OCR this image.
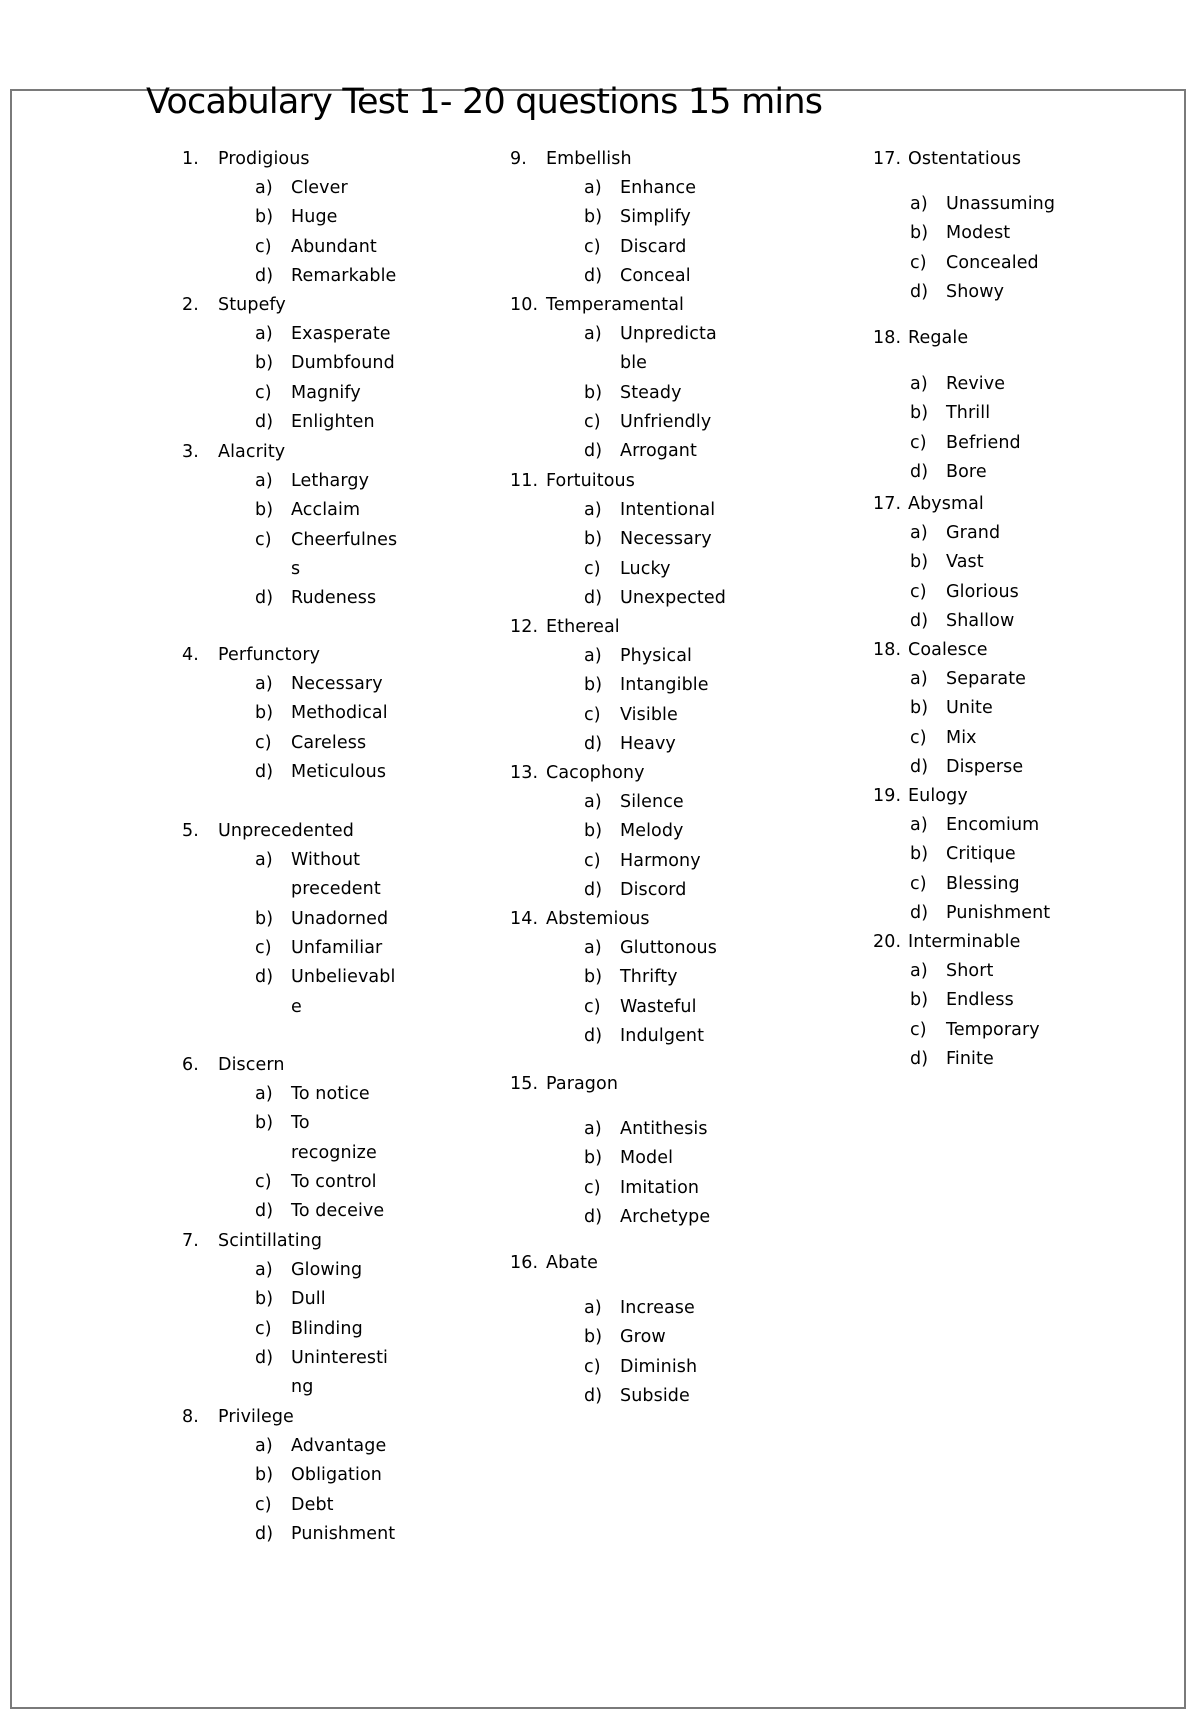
Vocabulary Test 1- 20 questions 15 mins
1. Prodigious
a) Clever
b) Huge
c) Abundant
d) Remarkable
2. Stupefy
a) Exasperate
b) Dumbfound
c) Magnify
d) Enlighten
3. Alacrity
a) Lethargy
b) Acclaim
c) Cheerfulnes
s
d) Rudeness
4. Perfunctory
a) Necessary
b) Methodical
c) Careless
d) Meticulous
5. Unprecedented
a) Without
precedent
b) Unadorned
c) Unfamiliar
d) Unbelievabl
e
6. Discern
a) To notice
b) To
recognize
c) To control
d) To deceive
7. Scintillating
a) Glowing
b) Dull
c) Blinding
d) Uninteresti
ng
8. Privilege
a) Advantage
b) Obligation
c) Debt
d) Punishment
9. Embellish
a) Enhance
b) Simplify
c) Discard
d) Conceal
10. Temperamental
a) Unpredicta
ble
b) Steady
c) Unfriendly
d) Arrogant
11. Fortuitous
a) Intentional
b) Necessary
c) Lucky
d) Unexpected
12. Ethereal
a) Physical
b) Intangible
c) Visible
d) Heavy
13. Cacophony
a) Silence
b) Melody
c) Harmony
d) Discord
14. Abstemious
a) Gluttonous
b) Thrifty
c) Wasteful
d) Indulgent
15. Paragon
a) Antithesis
b) Model
c) Imitation
d) Archetype
16. Abate
a) Increase
b) Grow
c) Diminish
d) Subside
17. Ostentatious
a) Unassuming
b) Modest
c) Concealed
d) Showy
18. Regale
a) Revive
b) Thrill
c) Befriend
d) Bore
17. Abysmal
a) Grand
b) Vast
c) Glorious
d) Shallow
18. Coalesce
a) Separate
b) Unite
c) Mix
d) Disperse
19. Eulogy
a) Encomium
b) Critique
c) Blessing
d) Punishment
20. Interminable
a) Short
b) Endless
c) Temporary
d) Finite
